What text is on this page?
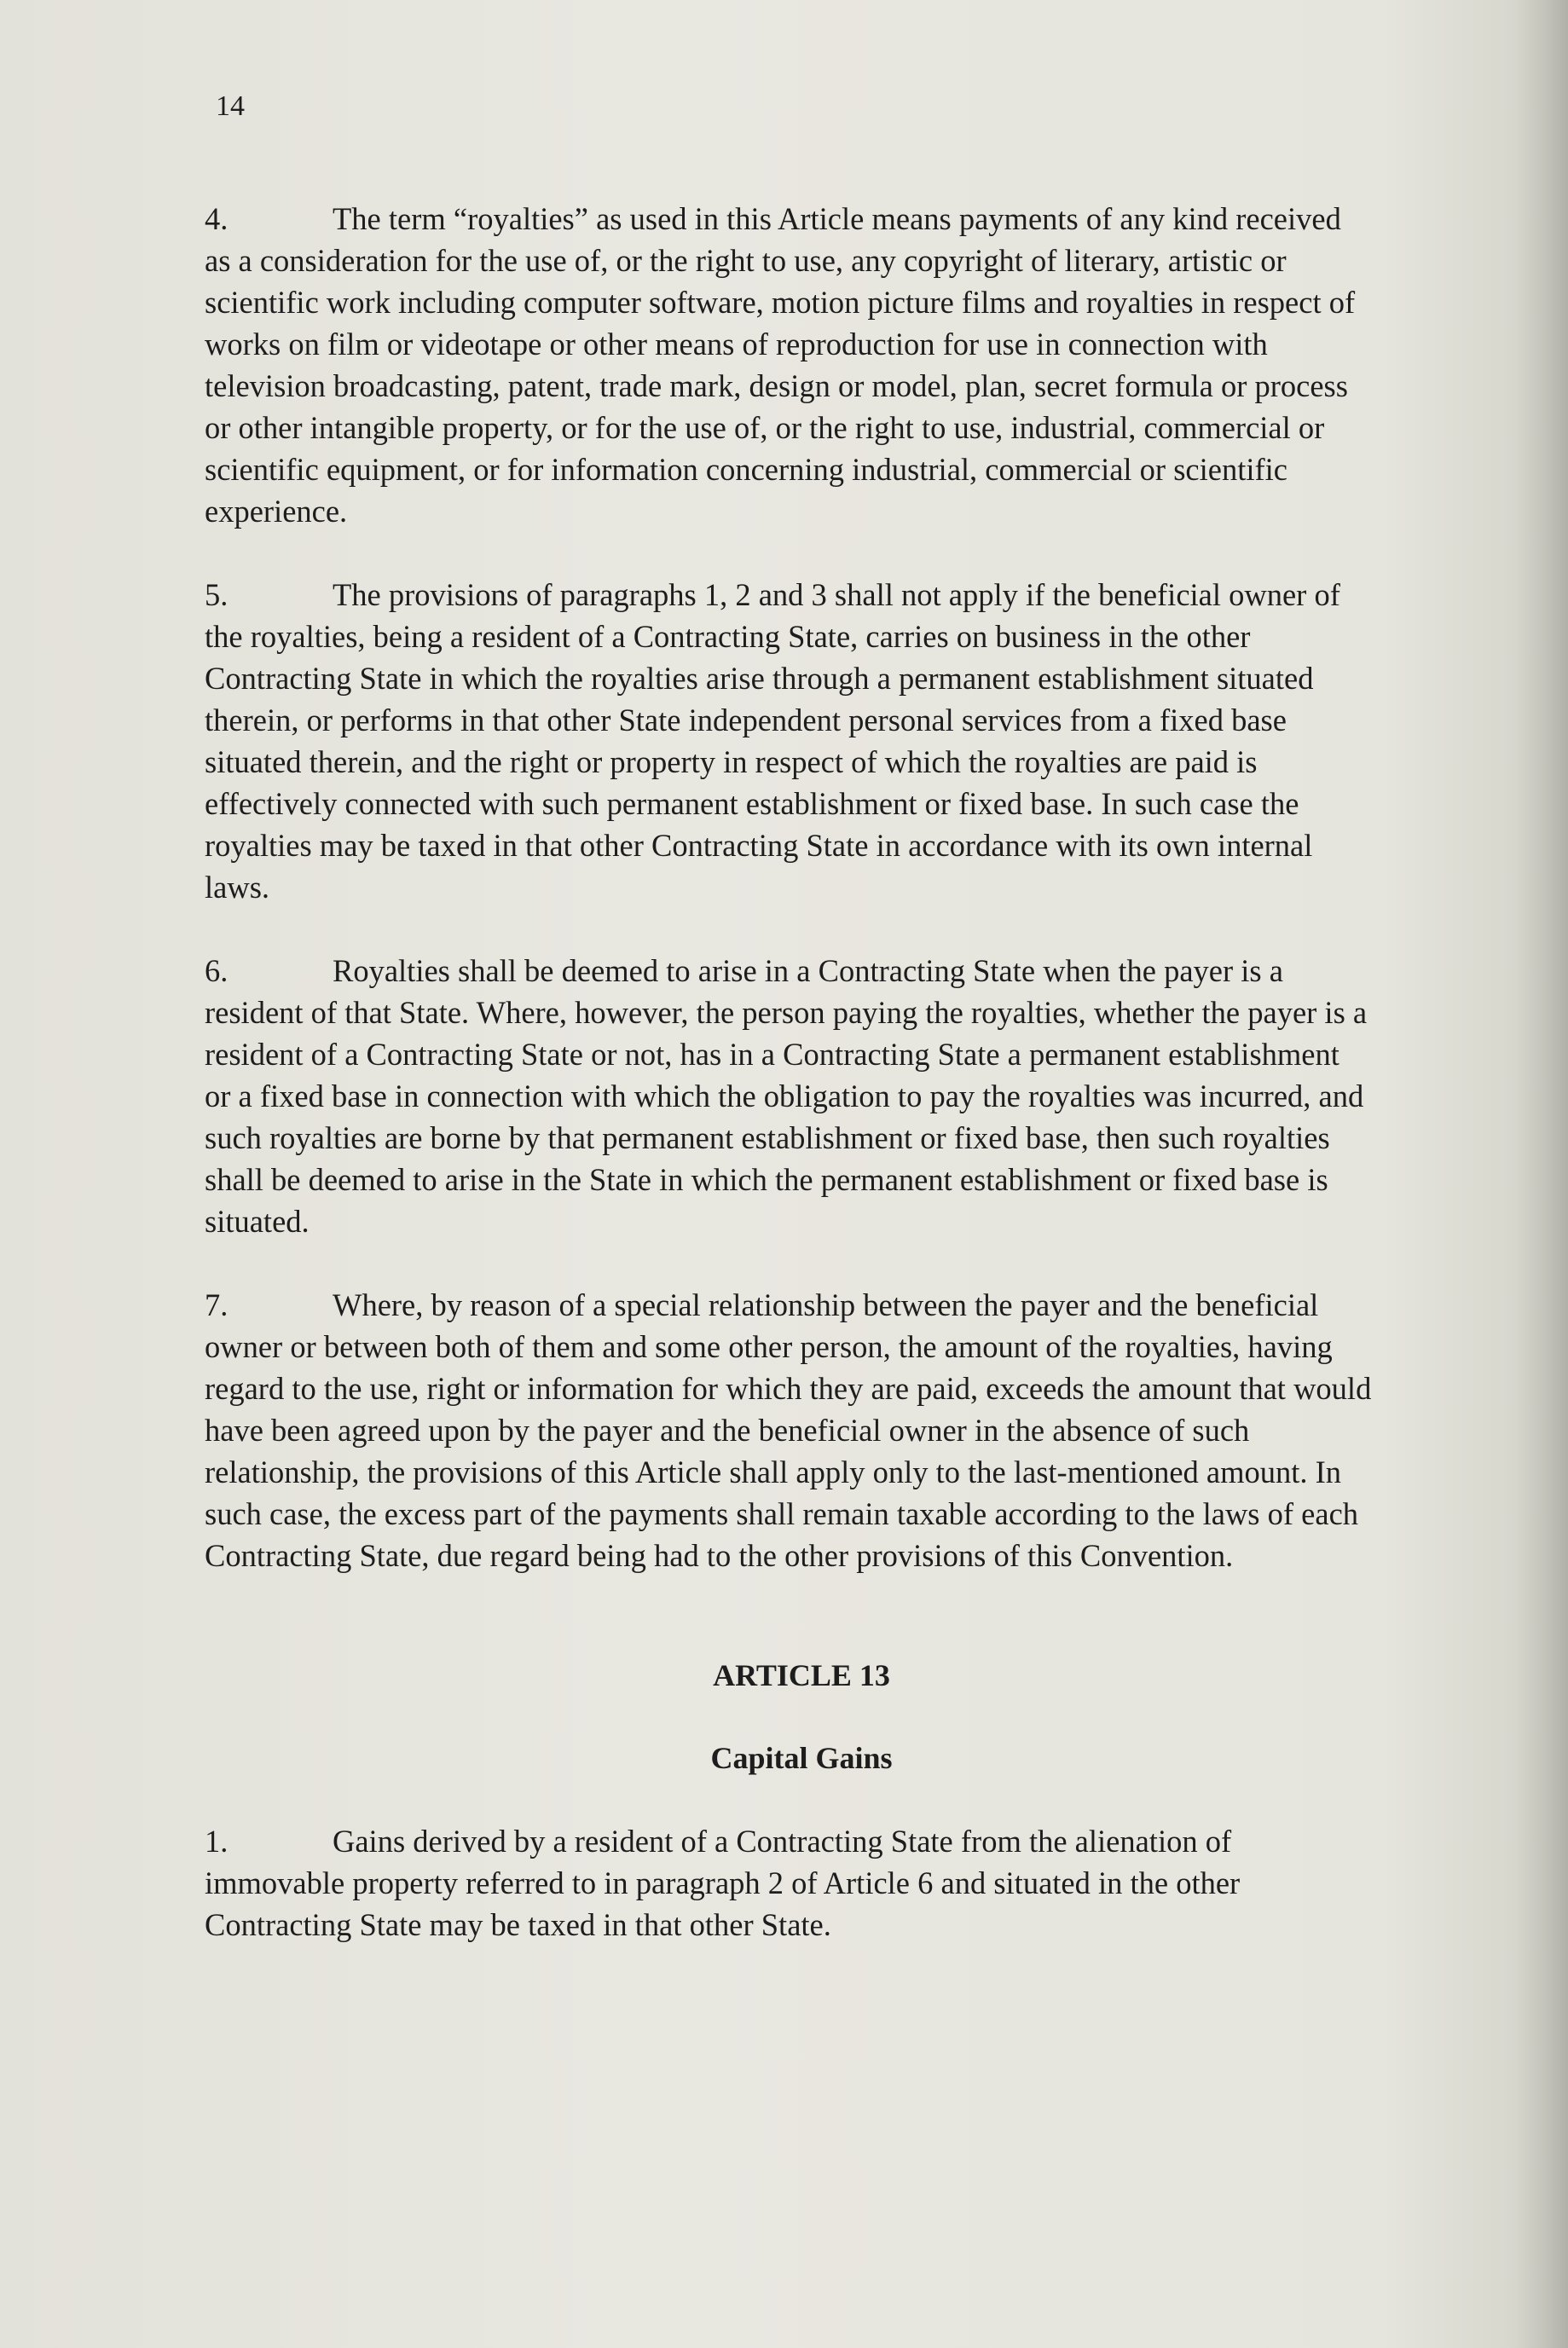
14

4.	The term “royalties” as used in this Article means payments of any kind received as a consideration for the use of, or the right to use, any copyright of literary, artistic or scientific work including computer software, motion picture films and royalties in respect of works on film or videotape or other means of reproduction for use in connection with television broadcasting, patent, trade mark, design or model, plan, secret formula or process or other intangible property, or for the use of, or the right to use, industrial, commercial or scientific equipment, or for information concerning industrial, commercial or scientific experience.

5.	The provisions of paragraphs 1, 2 and 3 shall not apply if the beneficial owner of the royalties, being a resident of a Contracting State, carries on business in the other Contracting State in which the royalties arise through a permanent establishment situated therein, or performs in that other State independent personal services from a fixed base situated therein, and the right or property in respect of which the royalties are paid is effectively connected with such permanent establishment or fixed base. In such case the royalties may be taxed in that other Contracting State in accordance with its own internal laws.

6.	Royalties shall be deemed to arise in a Contracting State when the payer is a resident of that State. Where, however, the person paying the royalties, whether the payer is a resident of a Contracting State or not, has in a Contracting State a permanent establishment or a fixed base in connection with which the obligation to pay the royalties was incurred, and such royalties are borne by that permanent establishment or fixed base, then such royalties shall be deemed to arise in the State in which the permanent establishment or fixed base is situated.

7.	Where, by reason of a special relationship between the payer and the beneficial owner or between both of them and some other person, the amount of the royalties, having regard to the use, right or information for which they are paid, exceeds the amount that would have been agreed upon by the payer and the beneficial owner in the absence of such relationship, the provisions of this Article shall apply only to the last-mentioned amount. In such case, the excess part of the payments shall remain taxable according to the laws of each Contracting State, due regard being had to the other provisions of this Convention.

ARTICLE 13
Capital Gains

1.	Gains derived by a resident of a Contracting State from the alienation of immovable property referred to in paragraph 2 of Article 6 and situated in the other Contracting State may be taxed in that other State.
